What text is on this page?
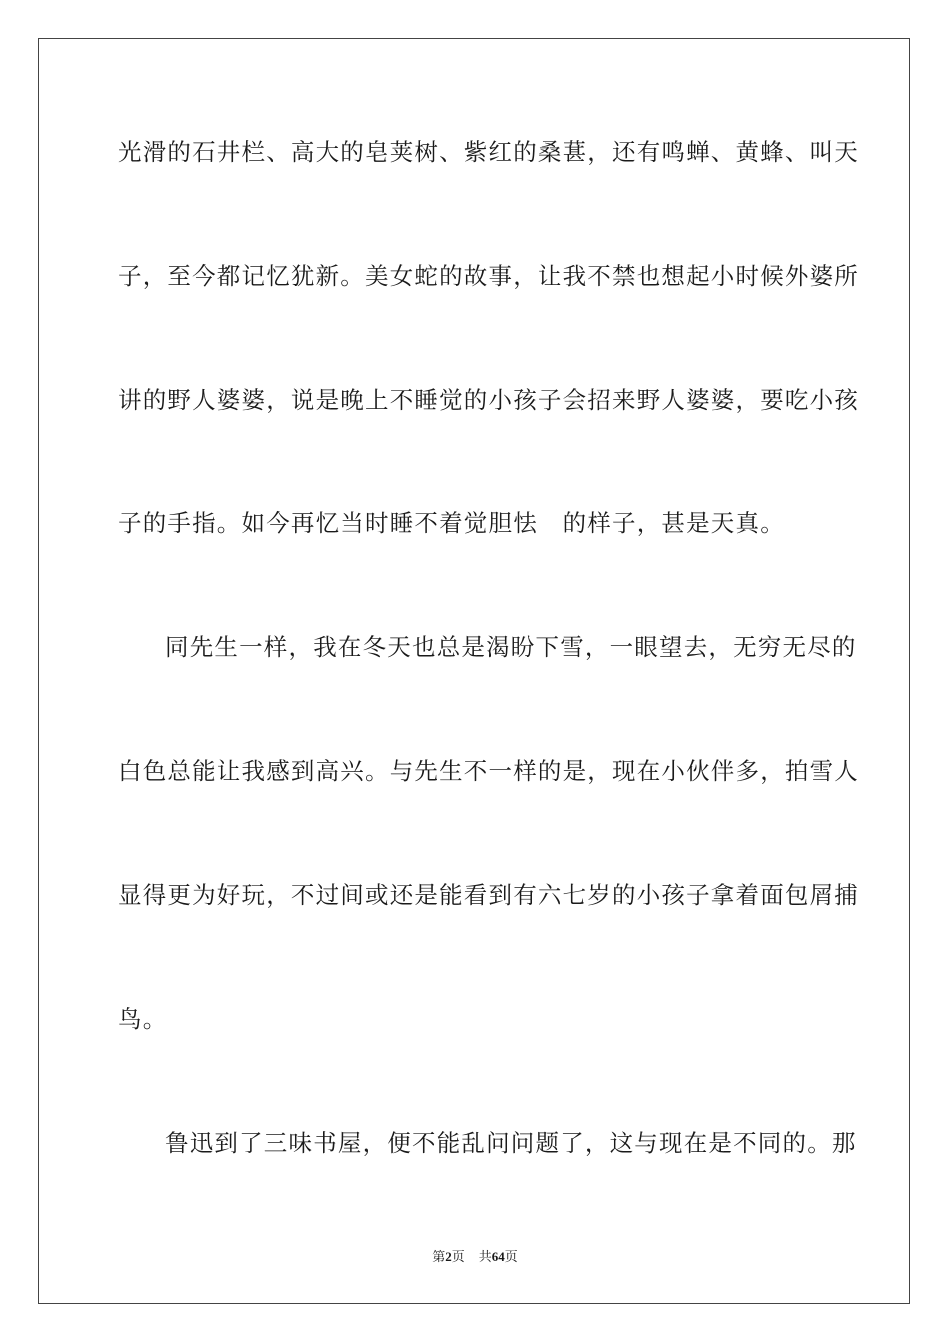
光滑的石井栏、高大的皂荚树、紫红的桑葚，还有鸣蝉、黄蜂、叫天
子，至今都记忆犹新。美女蛇的故事，让我不禁也想起小时候外婆所
讲的野人婆婆，说是晚上不睡觉的小孩子会招来野人婆婆，要吃小孩
子的手指。如今再忆当时睡不着觉胆怯　的样子，甚是天真。
同先生一样，我在冬天也总是渴盼下雪，一眼望去，无穷无尽的
白色总能让我感到高兴。与先生不一样的是，现在小伙伴多，拍雪人
显得更为好玩，不过间或还是能看到有六七岁的小孩子拿着面包屑捕
鸟。
鲁迅到了三味书屋，便不能乱问问题了，这与现在是不同的。那
第2页 共64页
